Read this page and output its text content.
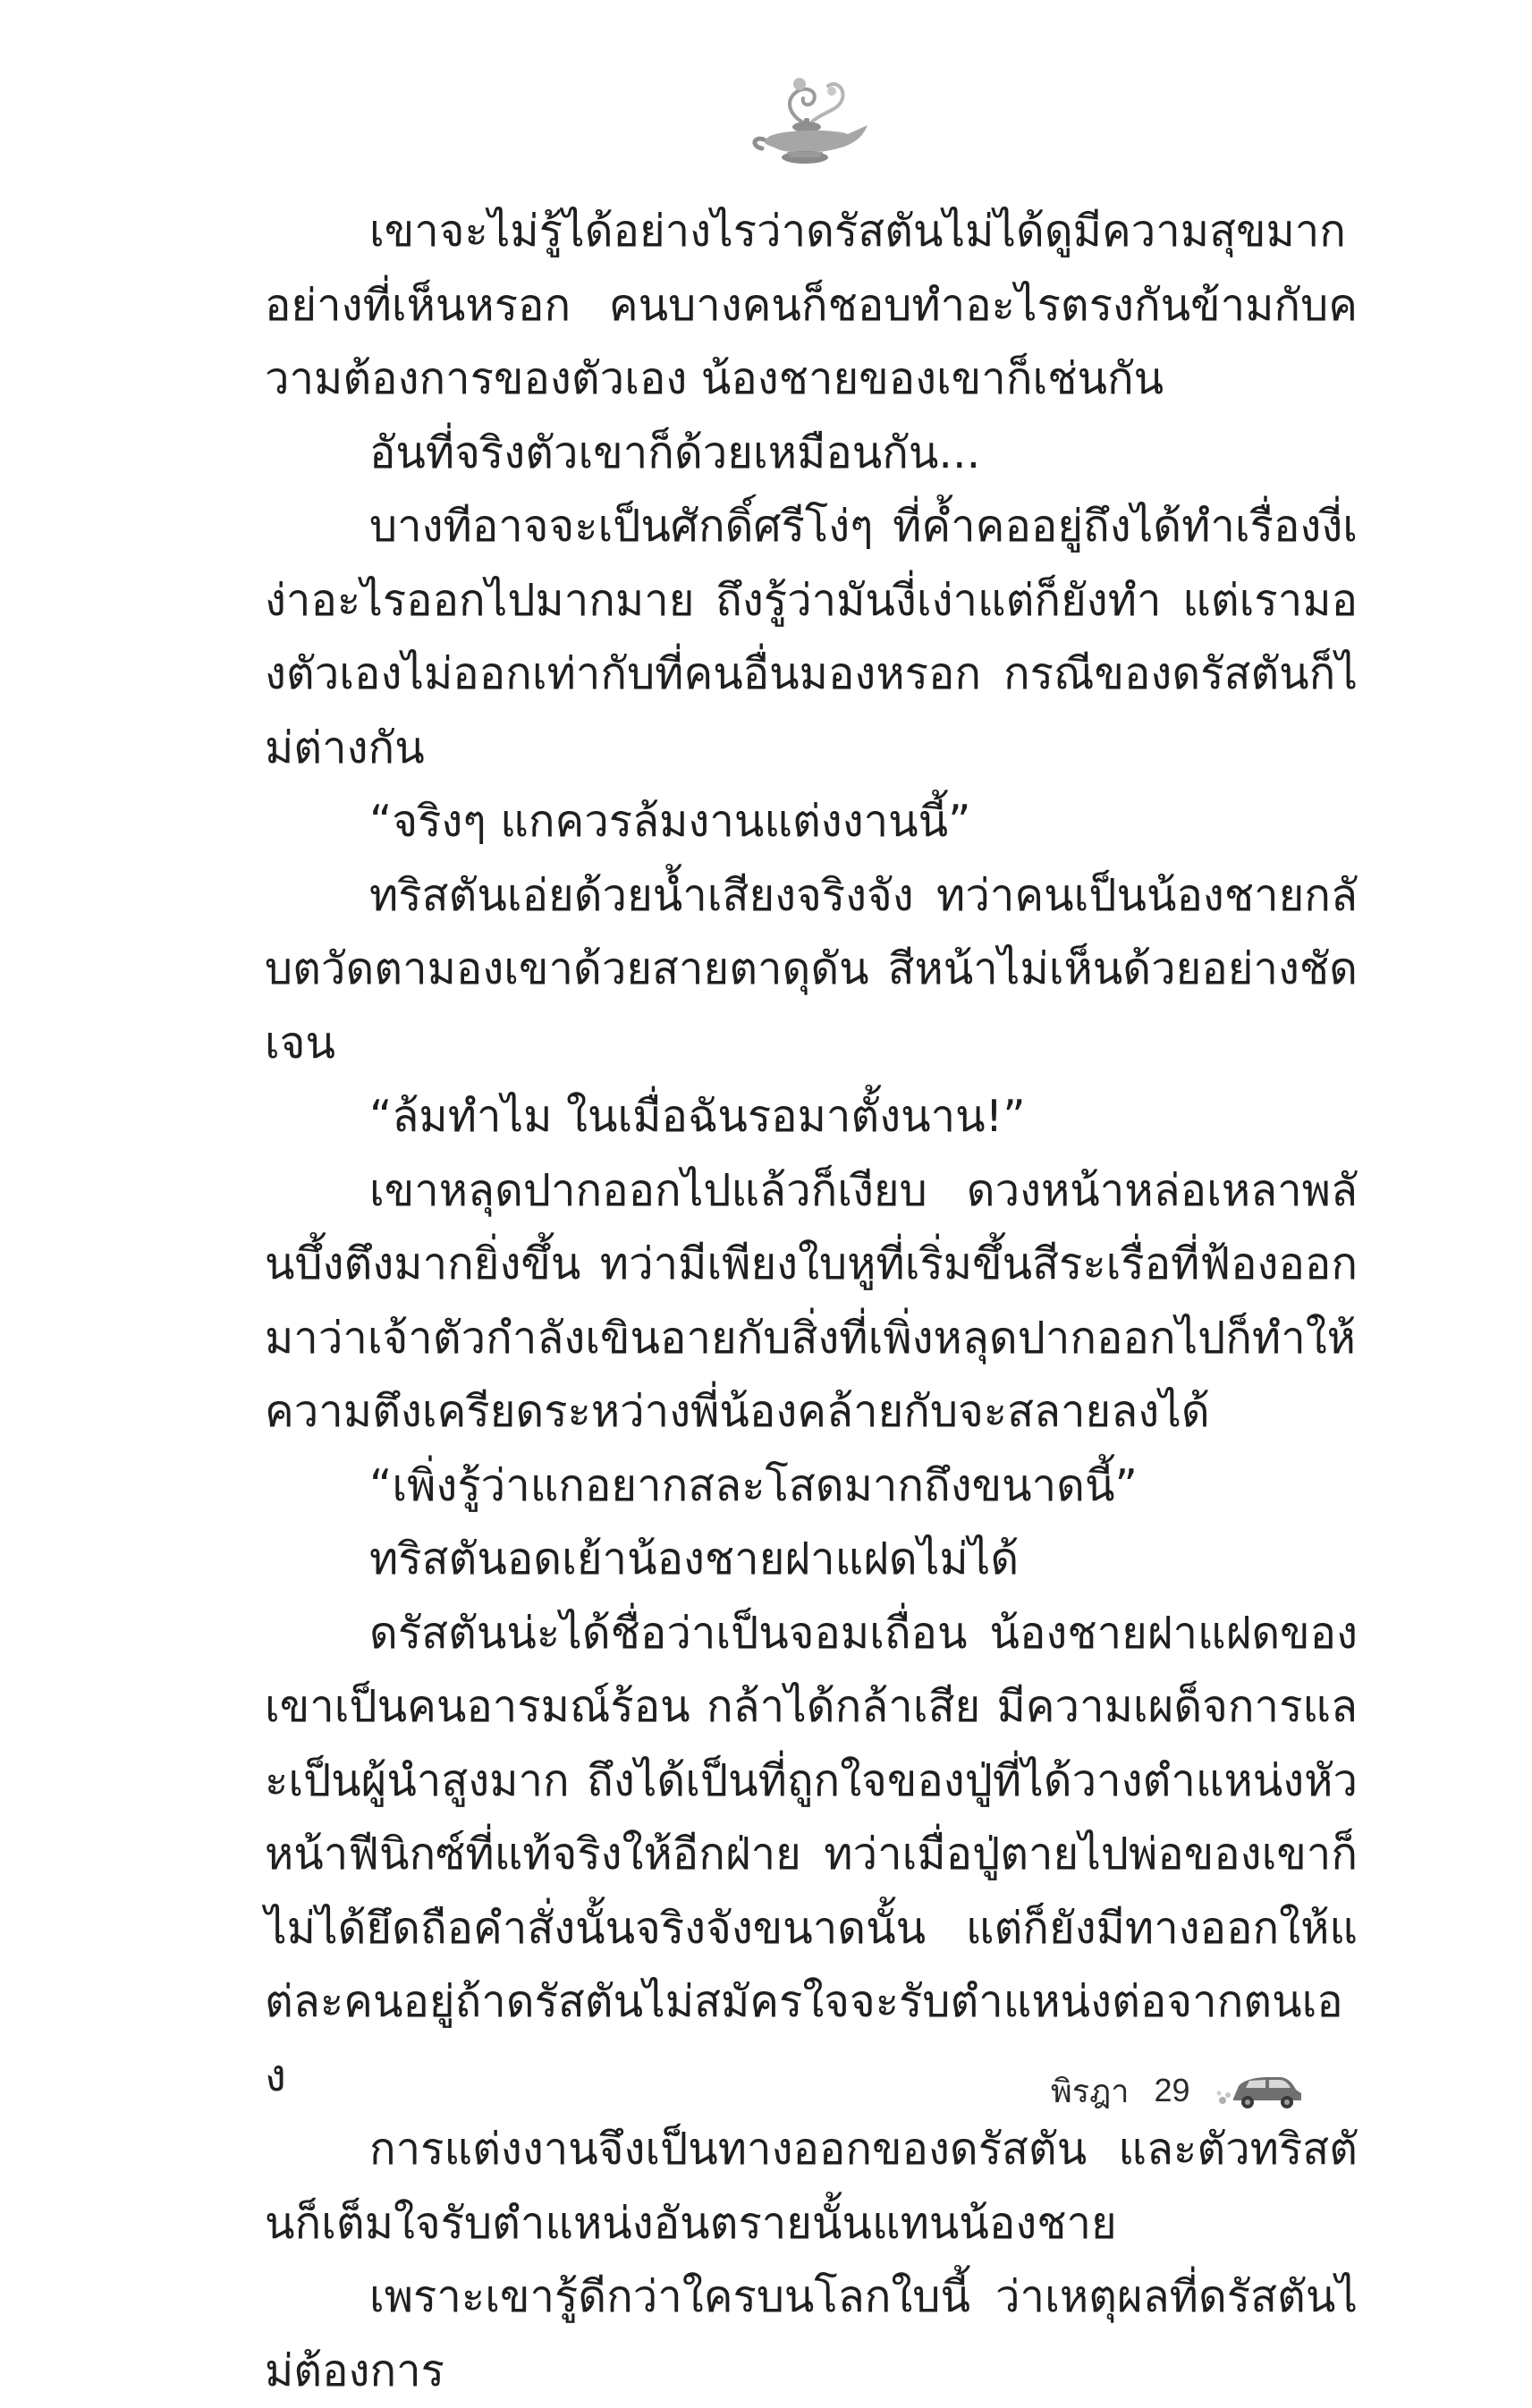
เขาจะไม่รู้ได้อย่างไรว่าดรัสตันไม่ได้ดูมีความสุขมากอย่างที่เห็นหรอก คนบางคนก็ชอบทำอะไรตรงกันข้ามกับความต้องการของตัวเอง น้องชายของเขาก็เช่นกัน

อันที่จริงตัวเขาก็ด้วยเหมือนกัน...

บางทีอาจจะเป็นศักดิ์ศรีโง่ๆ ที่ค้ำคออยู่ถึงได้ทำเรื่องงี่เง่าอะไรออกไปมากมาย ถึงรู้ว่ามันงี่เง่าแต่ก็ยังทำ แต่เรามองตัวเองไม่ออกเท่ากับที่คนอื่นมองหรอก กรณีของดรัสตันก็ไม่ต่างกัน

“จริงๆ แกควรล้มงานแต่งงานนี้”

ทริสตันเอ่ยด้วยน้ำเสียงจริงจัง ทว่าคนเป็นน้องชายกลับตวัดตามองเขาด้วยสายตาดุดัน สีหน้าไม่เห็นด้วยอย่างชัดเจน

“ล้มทำไม ในเมื่อฉันรอมาตั้งนาน!”

เขาหลุดปากออกไปแล้วก็เงียบ ดวงหน้าหล่อเหลาพลันบึ้งตึงมากยิ่งขึ้น ทว่ามีเพียงใบหูที่เริ่มขึ้นสีระเรื่อที่ฟ้องออกมาว่าเจ้าตัวกำลังเขินอายกับสิ่งที่เพิ่งหลุดปากออกไปก็ทำให้ความตึงเครียดระหว่างพี่น้องคล้ายกับจะสลายลงได้

“เพิ่งรู้ว่าแกอยากสละโสดมากถึงขนาดนี้”

ทริสตันอดเย้าน้องชายฝาแฝดไม่ได้

ดรัสตันน่ะได้ชื่อว่าเป็นจอมเถื่อน น้องชายฝาแฝดของเขาเป็นคนอารมณ์ร้อน กล้าได้กล้าเสีย มีความเผด็จการและเป็นผู้นำสูงมาก ถึงได้เป็นที่ถูกใจของปู่ที่ได้วางตำแหน่งหัวหน้าฟีนิกซ์ที่แท้จริงให้อีกฝ่าย ทว่าเมื่อปู่ตายไปพ่อของเขาก็ไม่ได้ยึดถือคำสั่งนั้นจริงจังขนาดนั้น แต่ก็ยังมีทางออกให้แต่ละคนอยู่ถ้าดรัสตันไม่สมัครใจจะรับตำแหน่งต่อจากตนเอง

การแต่งงานจึงเป็นทางออกของดรัสตัน และตัวทริสตันก็เต็มใจรับตำแหน่งอันตรายนั้นแทนน้องชาย

เพราะเขารู้ดีกว่าใครบนโลกใบนี้ ว่าเหตุผลที่ดรัสตันไม่ต้องการ

พิรฎา 29
